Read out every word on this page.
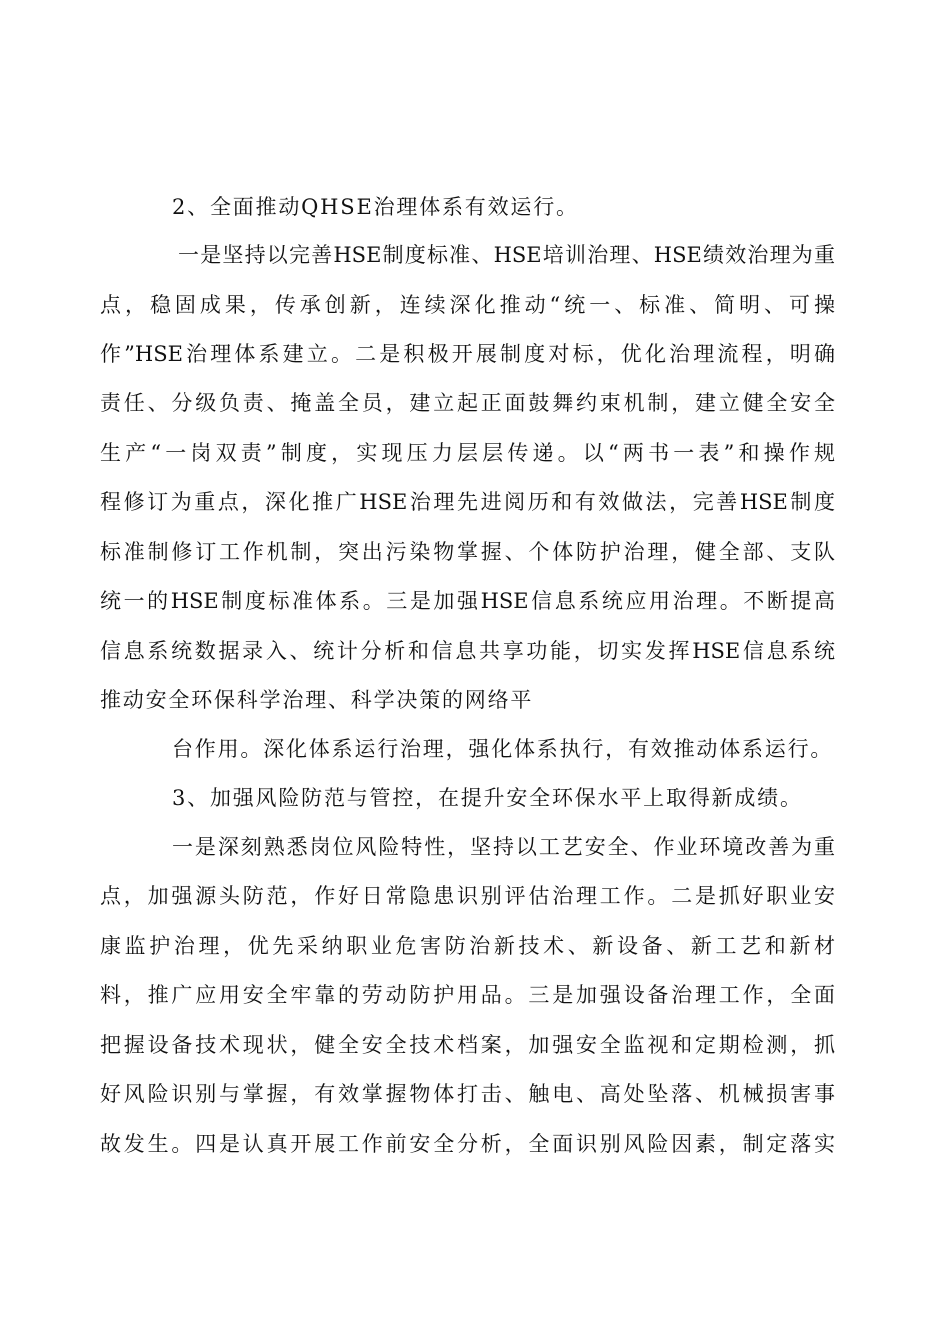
2、全面推动QHSE治理体系有效运行。
一是坚持以完善HSE制度标准、HSE培训治理、HSE绩效治理为重
点，稳固成果，传承创新，连续深化推动“统一、标准、简明、可操
作”HSE治理体系建立。二是积极开展制度对标，优化治理流程，明确
责任、分级负责、掩盖全员，建立起正面鼓舞约束机制，建立健全安全
生产“一岗双责”制度，实现压力层层传递。以“两书一表”和操作规
程修订为重点，深化推广HSE治理先进阅历和有效做法，完善HSE制度
标准制修订工作机制，突出污染物掌握、个体防护治理，健全部、支队
统一的HSE制度标准体系。三是加强HSE信息系统应用治理。不断提高
信息系统数据录入、统计分析和信息共享功能，切实发挥HSE信息系统
推动安全环保科学治理、科学决策的网络平
台作用。深化体系运行治理，强化体系执行，有效推动体系运行。
3、加强风险防范与管控，在提升安全环保水平上取得新成绩。
一是深刻熟悉岗位风险特性，坚持以工艺安全、作业环境改善为重
点，加强源头防范，作好日常隐患识别评估治理工作。二是抓好职业安
康监护治理，优先采纳职业危害防治新技术、新设备、新工艺和新材
料，推广应用安全牢靠的劳动防护用品。三是加强设备治理工作，全面
把握设备技术现状，健全安全技术档案，加强安全监视和定期检测，抓
好风险识别与掌握，有效掌握物体打击、触电、高处坠落、机械损害事
故发生。四是认真开展工作前安全分析，全面识别风险因素，制定落实
